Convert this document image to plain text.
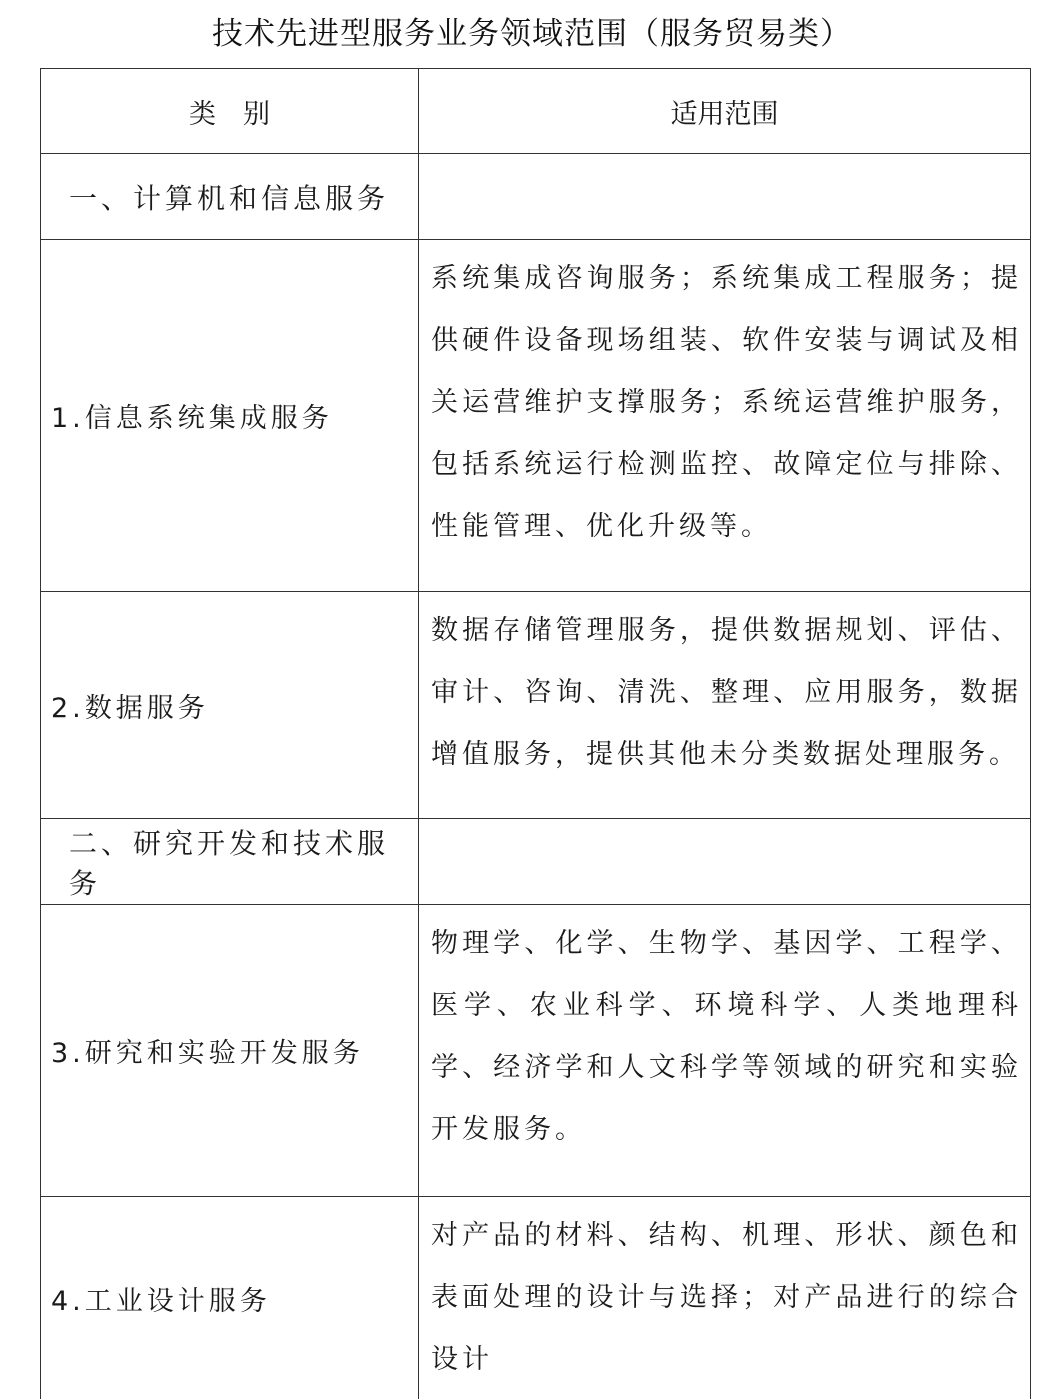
技术先进型服务业务领域范围（服务贸易类）
类　别	适用范围
一、计算机和信息服务	
1.信息系统集成服务	系统集成咨询服务；系统集成工程服务；提供硬件设备现场组装、软件安装与调试及相关运营维护支撑服务；系统运营维护服务，包括系统运行检测监控、故障定位与排除、性能管理、优化升级等。
2.数据服务	数据存储管理服务，提供数据规划、评估、审计、咨询、清洗、整理、应用服务，数据增值服务，提供其他未分类数据处理服务。
二、研究开发和技术服务	
3.研究和实验开发服务	物理学、化学、生物学、基因学、工程学、医学、农业科学、环境科学、人类地理科学、经济学和人文科学等领域的研究和实验开发服务。
4.工业设计服务	对产品的材料、结构、机理、形状、颜色和表面处理的设计与选择；对产品进行的综合设计
